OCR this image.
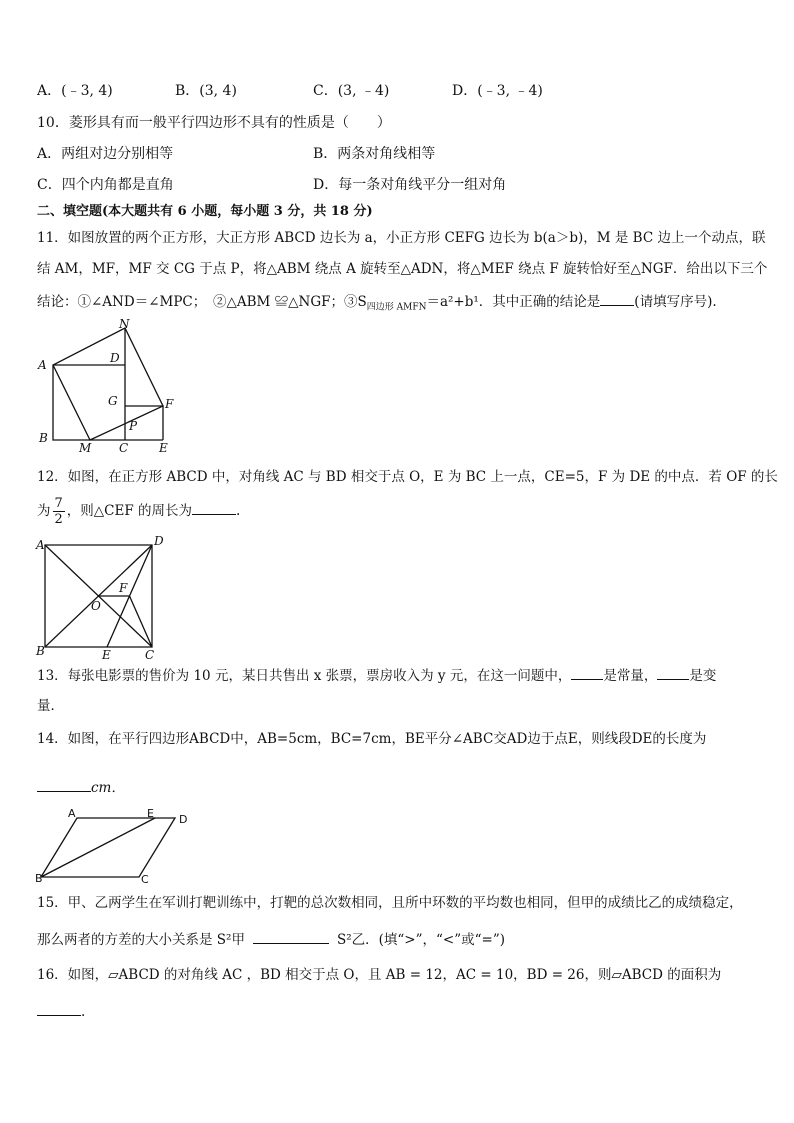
A．(﹣3, 4)	B．(3, 4)	C．(3, ﹣4)	D．(﹣3, ﹣4)
10．菱形具有而一般平行四边形不具有的性质是（　　）
A．两组对边分别相等	B．两条对角线相等
C．四个内角都是直角	D．每一条对角线平分一组对角
二、填空题(本大题共有 6 小题，每小题 3 分，共 18 分)
11．如图放置的两个正方形，大正方形 ABCD 边长为 a，小正方形 CEFG 边长为 b(a＞b)，M 是 BC 边上一个动点，联
结 AM，MF，MF 交 CG 于点 P，将△ABM 绕点 A 旋转至△ADN，将△MEF 绕点 F 旋转恰好至△NGF．给出以下三个
结论：①∠AND＝∠MPC；　②△ABM ≌△NGF；$③S_{四边形 AMFN}=a^2+b^1$．其中正确的结论是	(请填写序号).
N
A	D
G	F
P
B
M C	E
12．如图，在正方形 ABCD 中，对角线 AC 与 BD 相交于点 O，E 为 BC 上一点，CE=5，F 为 DE 的中点．若 OF 的长
为 $\frac{7}{2}$ ，则△CEF 的周长为	.
A	D
F
O
B	E	C
13．每张电影票的售价为 10 元，某日共售出 x 张票，票房收入为 y 元，在这一问题中， 是常量， 是变
量．
14．如图，在平行四边形ABCD中，AB=5cm，BC=7cm，BE平分∠ABC交AD边于点E，则线段DE的长度为
cm．
A	E D
B	C
15．甲、乙两学生在军训打靶训练中，打靶的总次数相同，且所中环数的平均数也相同，但甲的成绩比乙的成绩稳定，
那么两者的方差的大小关系是 S²甲	S²乙．(填“>”，“<”或“=”)
16．如图，▱ABCD 的对角线 AC ，BD 相交于点 O，且 AB = 12，AC = 10，BD = 26，则▱ABCD 的面积为
.
